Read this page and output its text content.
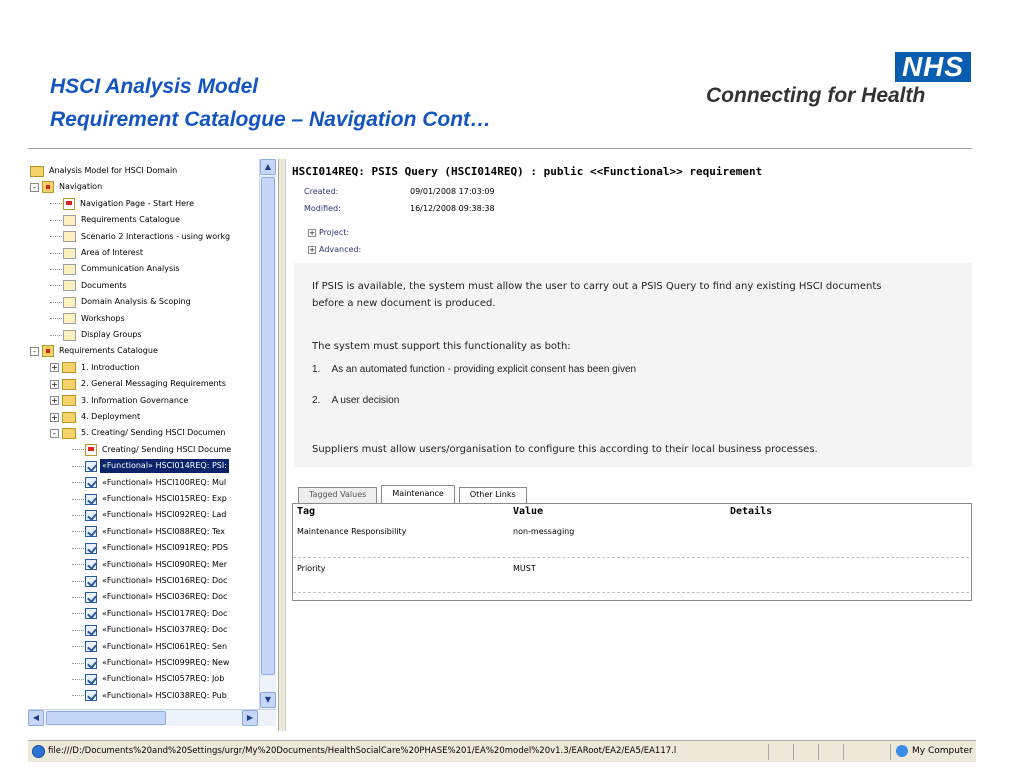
HSCI Analysis Model
Requirement Catalogue – Navigation Cont…
NHS
Connecting for Health
Analysis Model for HSCI Domain
-	Navigation
Navigation Page - Start Here
Requirements Catalogue
Scenario 2 Interactions - using workg
Area of Interest
Communication Analysis
Documents
Domain Analysis & Scoping
Workshops
Display Groups
-	Requirements Catalogue
+	1. Introduction
+	2. General Messaging Requirements
+	3. Information Governance
+	4. Deployment
-	5. Creating/ Sending HSCI Documen
Creating/ Sending HSCI Docume
«Functional» HSCI014REQ: PSI:
«Functional» HSCI100REQ: Mul
«Functional» HSCI015REQ: Exp
«Functional» HSCI092REQ: Lad
«Functional» HSCI088REQ: Tex
«Functional» HSCI091REQ: PDS
«Functional» HSCI090REQ: Mer
«Functional» HSCI016REQ: Doc
«Functional» HSCI036REQ: Doc
«Functional» HSCI017REQ: Doc
«Functional» HSCI037REQ: Doc
«Functional» HSCI061REQ: Sen
«Functional» HSCI099REQ: New
«Functional» HSCI057REQ: Job
«Functional» HSCI038REQ: Pub
▲
▼
◀	▶
HSCI014REQ: PSIS Query (HSCI014REQ) : public <<Functional>> requirement
Created:	09/01/2008 17:03:09
Modified:	16/12/2008 09:38:38
+ Project:
+ Advanced:
If PSIS is available, the system must allow the user to carry out a PSIS Query to find any existing HSCI documents
before a new document is produced.
The system must support this functionality as both:
1.    As an automated function - providing explicit consent has been given
2.    A user decision
Suppliers must allow users/organisation to configure this according to their local business processes.
Tagged Values	Maintenance	Other Links
Tag	Value	Details
Maintenance Responsibility	non-messaging
Priority	MUST
file:///D:/Documents%20and%20Settings/urgr/My%20Documents/HealthSocialCare%20PHASE%201/EA%20model%20v1.3/EARoot/EA2/EA5/EA117.l	My Computer
